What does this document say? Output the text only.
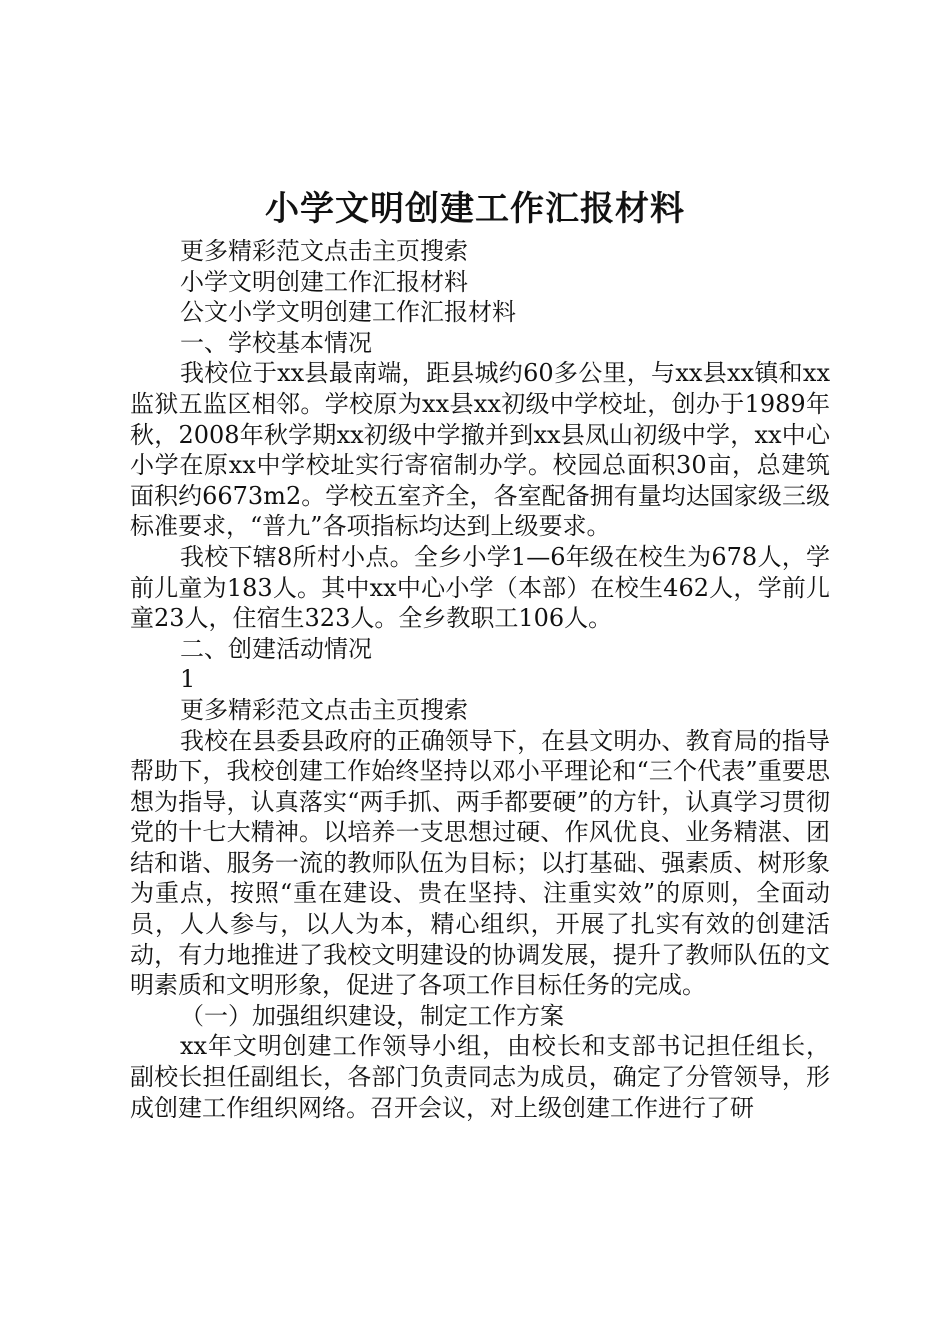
小学文明创建工作汇报材料

更多精彩范文点击主页搜索

小学文明创建工作汇报材料

公文小学文明创建工作汇报材料

一、学校基本情况

我校位于xx县最南端，距县城约60多公里，与xx县xx镇和xx监狱五监区相邻。学校原为xx县xx初级中学校址，创办于1989年秋，2008年秋学期xx初级中学撤并到xx县凤山初级中学，xx中心小学在原xx中学校址实行寄宿制办学。校园总面积30亩，总建筑面积约6673m2。学校五室齐全，各室配备拥有量均达国家级三级标准要求，“普九”各项指标均达到上级要求。

我校下辖8所村小点。全乡小学1—6年级在校生为678人，学前儿童为183人。其中xx中心小学（本部）在校生462人，学前儿童23人，住宿生323人。全乡教职工106人。

二、创建活动情况

1

更多精彩范文点击主页搜索

我校在县委县政府的正确领导下，在县文明办、教育局的指导帮助下，我校创建工作始终坚持以邓小平理论和“三个代表”重要思想为指导，认真落实“两手抓、两手都要硬”的方针，认真学习贯彻党的十七大精神。以培养一支思想过硬、作风优良、业务精湛、团结和谐、服务一流的教师队伍为目标；以打基础、强素质、树形象为重点，按照“重在建设、贵在坚持、注重实效”的原则，全面动员，人人参与，以人为本，精心组织，开展了扎实有效的创建活动，有力地推进了我校文明建设的协调发展，提升了教师队伍的文明素质和文明形象，促进了各项工作目标任务的完成。

（一）加强组织建设，制定工作方案

xx年文明创建工作领导小组，由校长和支部书记担任组长，副校长担任副组长，各部门负责同志为成员，确定了分管领导，形成创建工作组织网络。召开会议，对上级创建工作进行了研
